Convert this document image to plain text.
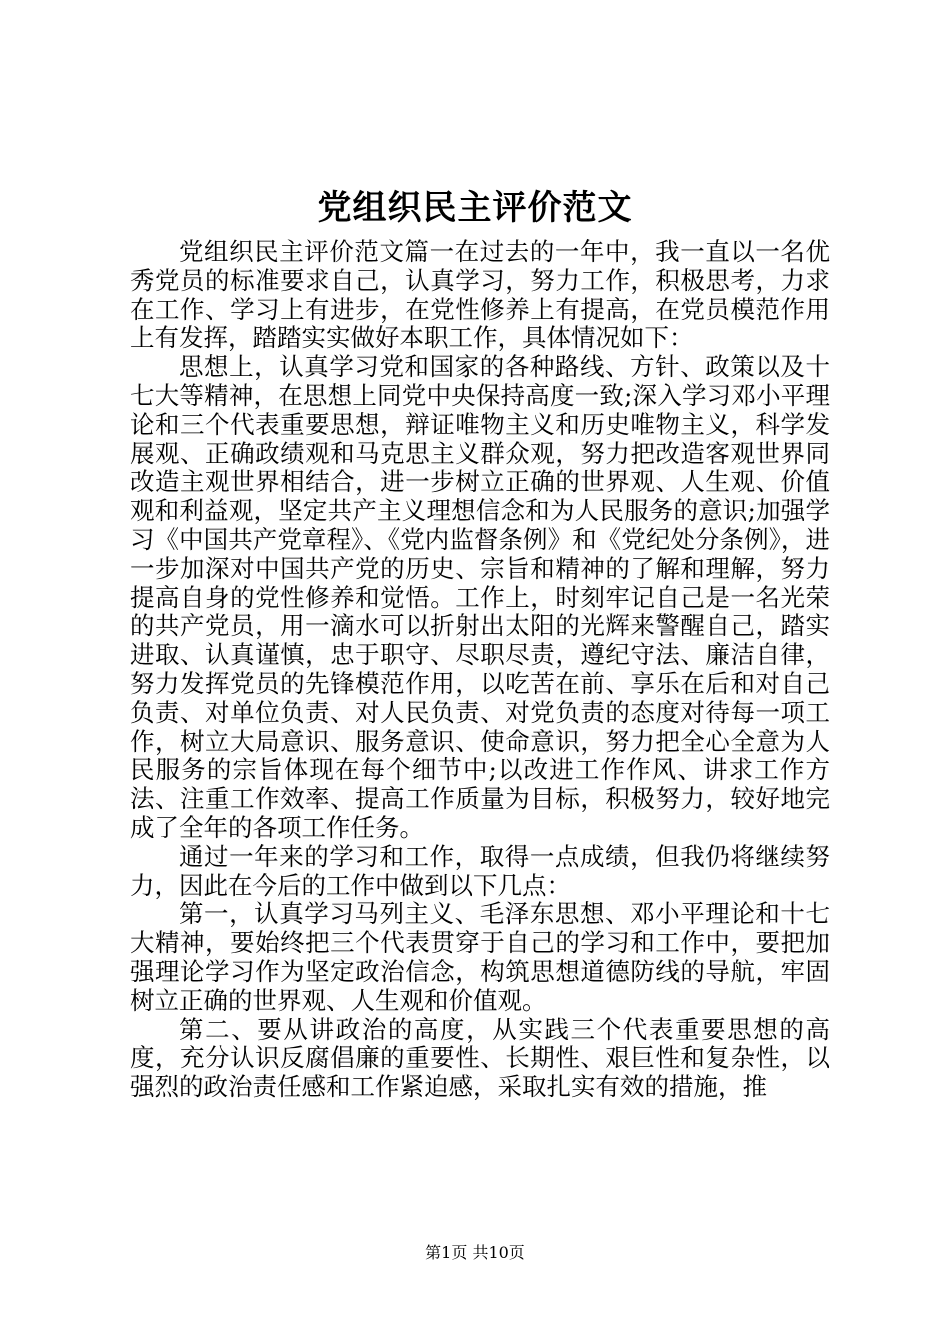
党组织民主评价范文

党组织民主评价范文篇一在过去的一年中，我一直以一名优秀党员的标准要求自己，认真学习，努力工作，积极思考，力求在工作、学习上有进步，在党性修养上有提高，在党员模范作用上有发挥，踏踏实实做好本职工作，具体情况如下：

思想上，认真学习党和国家的各种路线、方针、政策以及十七大等精神，在思想上同党中央保持高度一致;深入学习邓小平理论和三个代表重要思想，辩证唯物主义和历史唯物主义，科学发展观、正确政绩观和马克思主义群众观，努力把改造客观世界同改造主观世界相结合，进一步树立正确的世界观、人生观、价值观和利益观，坚定共产主义理想信念和为人民服务的意识;加强学习《中国共产党章程》、《党内监督条例》和《党纪处分条例》，进一步加深对中国共产党的历史、宗旨和精神的了解和理解，努力提高自身的党性修养和觉悟。工作上，时刻牢记自己是一名光荣的共产党员，用一滴水可以折射出太阳的光辉来警醒自己，踏实进取、认真谨慎，忠于职守、尽职尽责，遵纪守法、廉洁自律，努力发挥党员的先锋模范作用，以吃苦在前、享乐在后和对自己负责、对单位负责、对人民负责、对党负责的态度对待每一项工作，树立大局意识、服务意识、使命意识，努力把全心全意为人民服务的宗旨体现在每个细节中;以改进工作作风、讲求工作方法、注重工作效率、提高工作质量为目标，积极努力，较好地完成了全年的各项工作任务。

通过一年来的学习和工作，取得一点成绩，但我仍将继续努力，因此在今后的工作中做到以下几点：

第一，认真学习马列主义、毛泽东思想、邓小平理论和十七大精神，要始终把三个代表贯穿于自己的学习和工作中，要把加强理论学习作为坚定政治信念，构筑思想道德防线的导航，牢固树立正确的世界观、人生观和价值观。

第二、要从讲政治的高度，从实践三个代表重要思想的高度，充分认识反腐倡廉的重要性、长期性、艰巨性和复杂性，以强烈的政治责任感和工作紧迫感，采取扎实有效的措施，推

第1页 共10页
